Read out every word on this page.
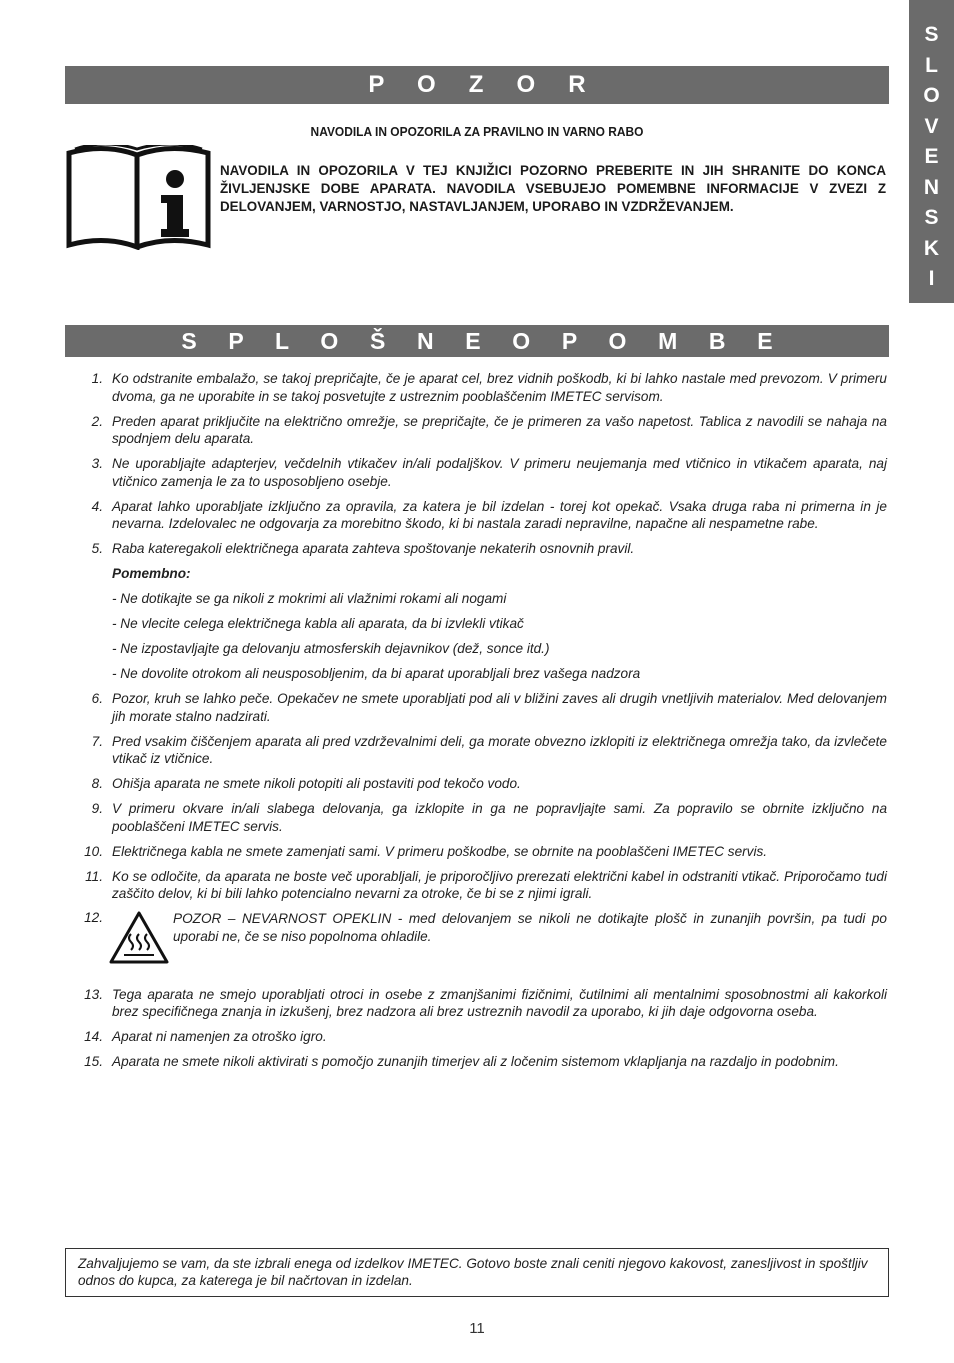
S
L
O
V
E
N
S
K
I
P O Z O R
NAVODILA IN OPOZORILA ZA PRAVILNO IN VARNO RABO
NAVODILA IN OPOZORILA V TEJ KNJIŽICI POZORNO PREBERITE IN JIH SHRANITE DO KONCA ŽIVLJENJSKE DOBE APARATA. NAVODILA VSEBUJEJO POMEMBNE INFORMACIJE V ZVEZI Z DELOVANJEM, VARNOSTJO, NASTAVLJANJEM, UPORABO IN VZDRŽEVANJEM.
S P L O Š N E O P O M B E
1. Ko odstranite embalažo, se takoj prepričajte, če je aparat cel, brez vidnih poškodb, ki bi lahko nastale med prevozom. V primeru dvoma, ga ne uporabite in se takoj posvetujte z ustreznim pooblaščenim IMETEC servisom.
2. Preden aparat priključite na električno omrežje, se prepričajte, če je primeren za vašo napetost. Tablica z navodili se nahaja na spodnjem delu aparata.
3. Ne uporabljajte adapterjev, večdelnih vtikačev in/ali podaljškov. V primeru neujemanja med vtičnico in vtikačem aparata, naj vtičnico zamenja le za to usposobljeno osebje.
4. Aparat lahko uporabljate izključno za opravila, za katera je bil izdelan - torej kot opekač. Vsaka druga raba ni primerna in je nevarna. Izdelovalec ne odgovarja za morebitno škodo, ki bi nastala zaradi nepravilne, napačne ali nespametne rabe.
5. Raba kateregakoli električnega aparata zahteva spoštovanje nekaterih osnovnih pravil.
Pomembno:
- Ne dotikajte se ga nikoli z mokrimi ali vlažnimi rokami ali nogami
- Ne vlecite celega električnega kabla ali aparata, da bi izvlekli vtikač
- Ne izpostavljajte ga delovanju atmosferskih dejavnikov (dež, sonce itd.)
- Ne dovolite otrokom ali neusposobljenim, da bi aparat uporabljali brez vašega nadzora
6. Pozor, kruh se lahko peče. Opekačev ne smete uporabljati pod ali v bližini zaves ali drugih vnetljivih materialov. Med delovanjem jih morate stalno nadzirati.
7. Pred vsakim čiščenjem aparata ali pred vzdrževalnimi deli, ga morate obvezno izklopiti iz električnega omrežja tako, da izvlečete vtikač iz vtičnice.
8. Ohišja aparata ne smete nikoli potopiti ali postaviti pod tekočo vodo.
9. V primeru okvare in/ali slabega delovanja, ga izklopite in ga ne popravljajte sami. Za popravilo se obrnite izključno na pooblaščeni IMETEC servis.
10. Električnega kabla ne smete zamenjati sami. V primeru poškodbe, se obrnite na pooblaščeni IMETEC servis.
11. Ko se odločite, da aparata ne boste več uporabljali, je priporočljivo prerezati električni kabel in odstraniti vtikač. Priporočamo tudi zaščito delov, ki bi bili lahko potencialno nevarni za otroke, če bi se z njimi igrali.
12.	POZOR – NEVARNOST OPEKLIN - med delovanjem se nikoli ne dotikajte plošč in zunanjih površin, pa tudi po uporabi ne, če se niso popolnoma ohladile.
13. Tega aparata ne smejo uporabljati otroci in osebe z zmanjšanimi fizičnimi, čutilnimi ali mentalnimi sposobnostmi ali kakorkoli brez specifičnega znanja in izkušenj, brez nadzora ali brez ustreznih navodil za uporabo, ki jih daje odgovorna oseba.
14. Aparat ni namenjen za otroško igro.
15. Aparata ne smete nikoli aktivirati s pomočjo zunanjih timerjev ali z ločenim sistemom vklapljanja na razdaljo in podobnim.
Zahvaljujemo se vam, da ste izbrali enega od izdelkov IMETEC. Gotovo boste znali ceniti njegovo kakovost, zanesljivost in spoštljiv odnos do kupca, za katerega je bil načrtovan in izdelan.
11
